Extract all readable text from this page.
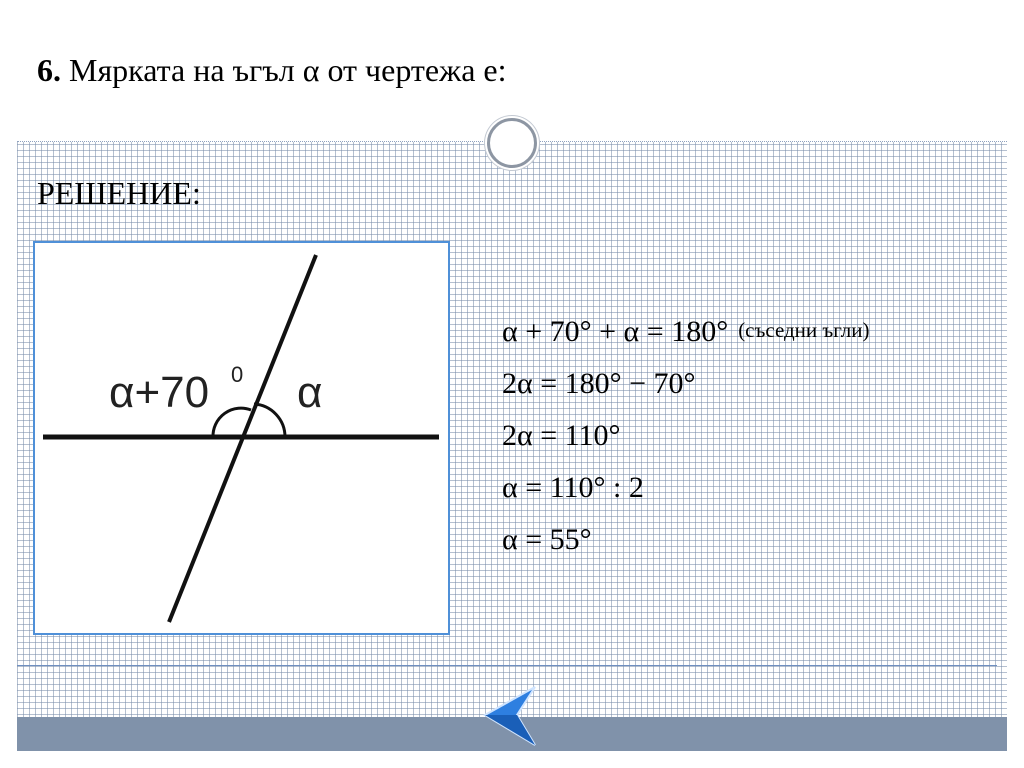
6. Мярката на ъгъл α от чертежа е:
РЕШЕНИЕ:
α+70 0 α
α + 70° + α = 180° (съседни ъгли)
2α = 180° − 70°
2α = 110°
α = 110° : 2
α = 55°
